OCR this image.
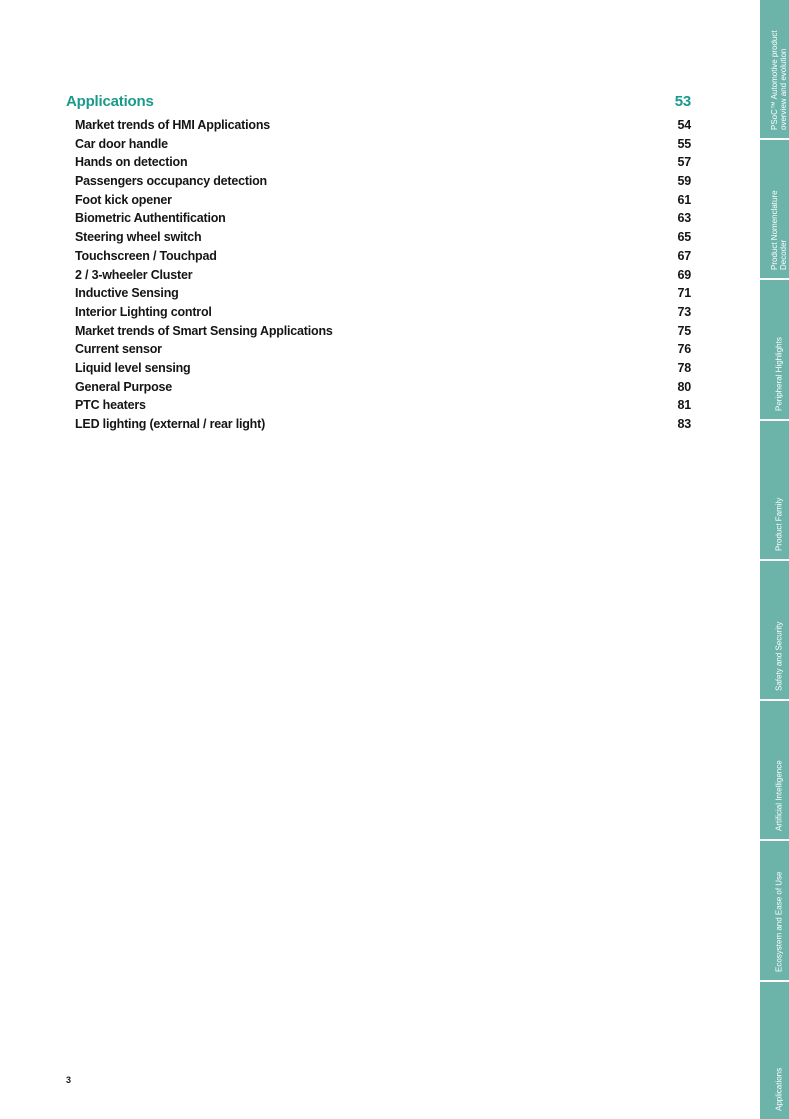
Applications	53
Market trends of HMI Applications	54
Car door handle	55
Hands on detection	57
Passengers occupancy detection	59
Foot kick opener	61
Biometric Authentification	63
Steering wheel switch	65
Touchscreen / Touchpad	67
2 / 3-wheeler Cluster	69
Inductive Sensing	71
Interior Lighting control	73
Market trends of Smart Sensing Applications	75
Current sensor	76
Liquid level sensing	78
General Purpose	80
PTC heaters	81
LED lighting (external / rear light)	83
3
PSoC™ Automotive product overview and evolution
Product Nomenclature Decoder
Peripheral Highlights
Product Family
Safety and Security
Artificial Intelligence
Ecosystem and Ease of Use
Applications
